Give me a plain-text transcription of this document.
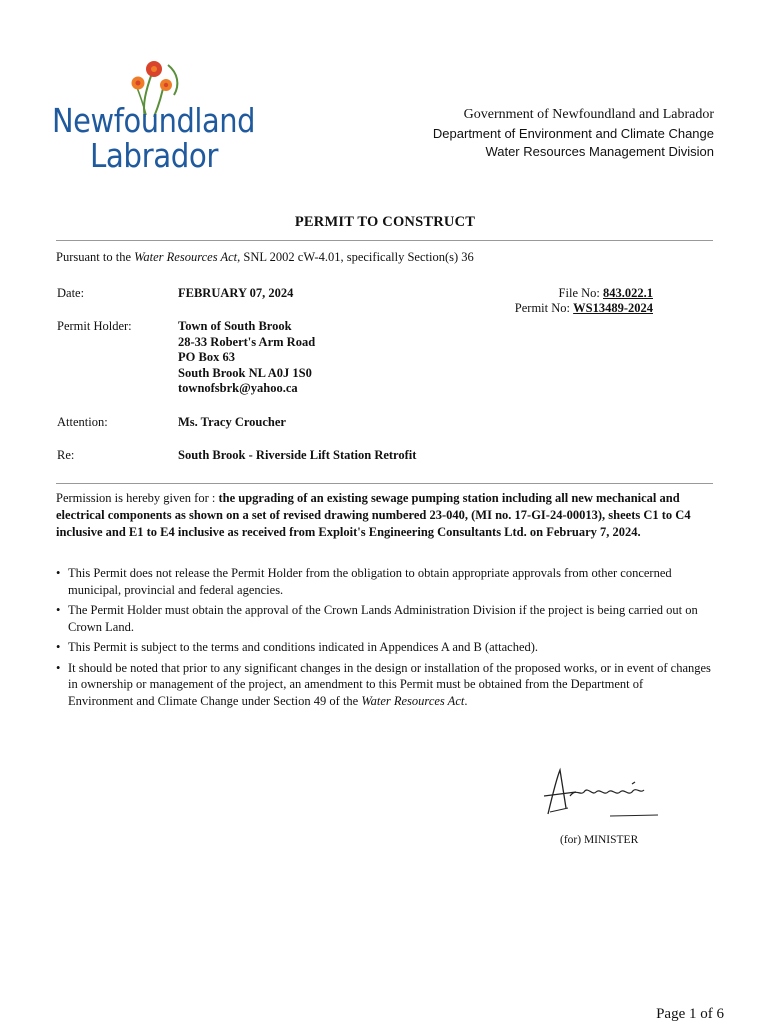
Newfoundland
Labrador
Government of Newfoundland and Labrador
Department of Environment and Climate Change
Water Resources Management Division
PERMIT TO CONSTRUCT
Pursuant to the Water Resources Act, SNL 2002 cW-4.01, specifically Section(s) 36
Date:	FEBRUARY 07, 2024	File No: 843.022.1
Permit No: WS13489-2024
Permit Holder:	Town of South Brook
28-33 Robert's Arm Road
PO Box 63
South Brook NL A0J 1S0
townofsbrk@yahoo.ca
Attention:	Ms. Tracy Croucher
Re:	South Brook - Riverside Lift Station Retrofit
Permission is hereby given for : the upgrading of an existing sewage pumping station including all new mechanical and electrical components as shown on a set of revised drawing numbered 23-040, (MI no. 17-GI-24-00013), sheets C1 to C4 inclusive and E1 to E4 inclusive as received from Exploit's Engineering Consultants Ltd. on February 7, 2024.
• This Permit does not release the Permit Holder from the obligation to obtain appropriate approvals from other concerned municipal, provincial and federal agencies.
• The Permit Holder must obtain the approval of the Crown Lands Administration Division if the project is being carried out on Crown Land.
• This Permit is subject to the terms and conditions indicated in Appendices A and B (attached).
• It should be noted that prior to any significant changes in the design or installation of the proposed works, or in event of changes in ownership or management of the project, an amendment to this Permit must be obtained from the Department of Environment and Climate Change under Section 49 of the Water Resources Act.
(for) MINISTER
Page 1 of 6
